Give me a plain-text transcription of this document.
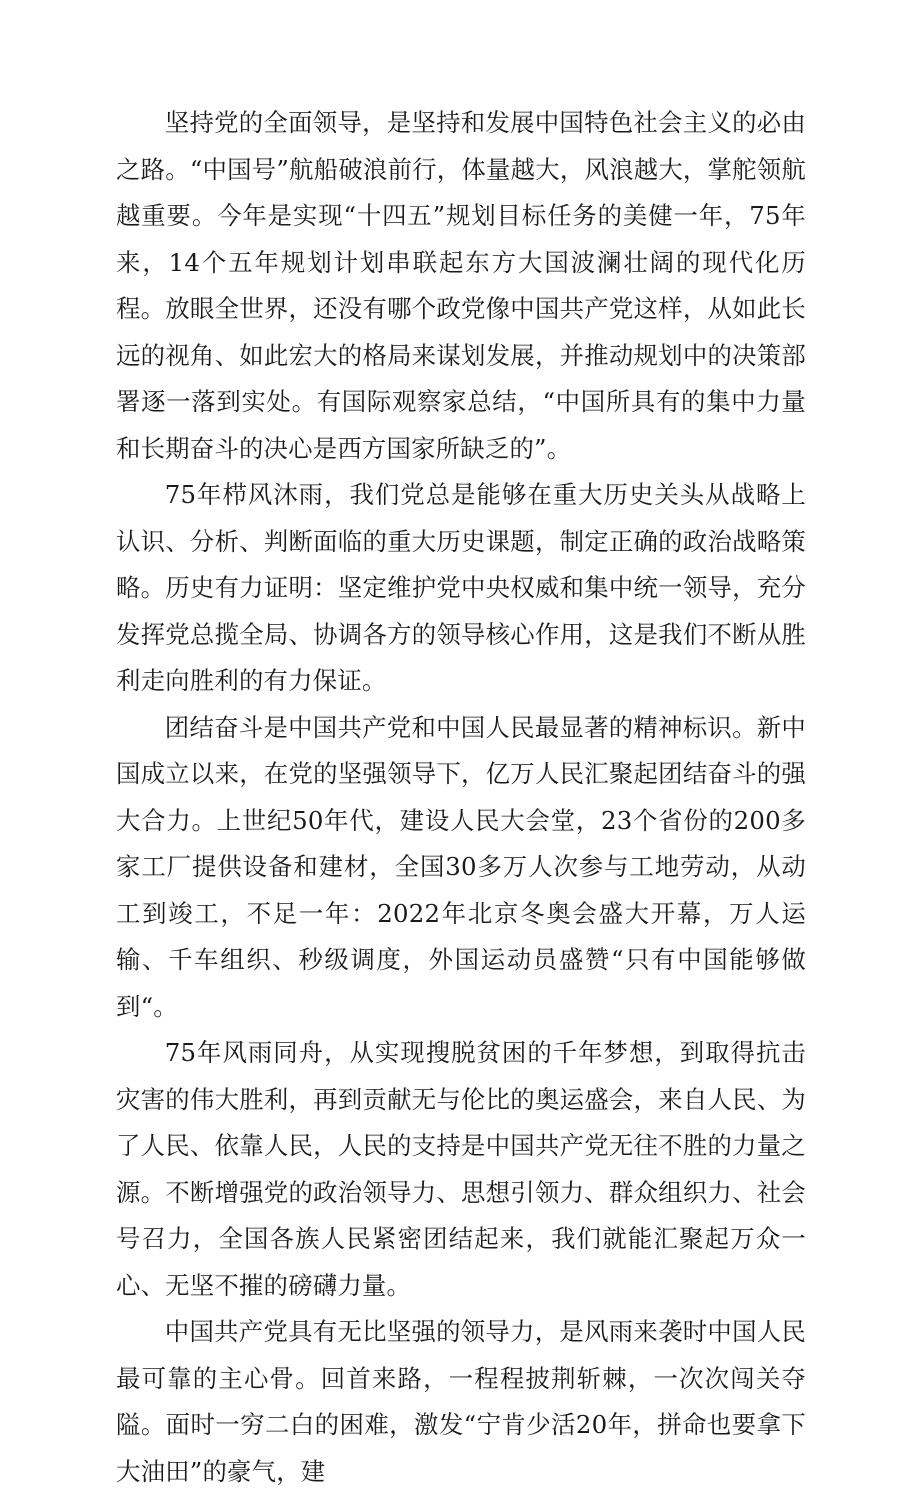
坚持党的全面领导，是坚持和发展中国特色社会主义的必由之路。“中国号”航船破浪前行，体量越大，风浪越大，掌舵领航越重要。今年是实现“十四五”规划目标任务的美健一年，75年来，14个五年规划计划串联起东方大国波澜壮阔的现代化历程。放眼全世界，还没有哪个政党像中国共产党这样，从如此长远的视角、如此宏大的格局来谋划发展，并推动规划中的决策部署逐一落到实处。有国际观察家总结，“中国所具有的集中力量和长期奋斗的决心是西方国家所缺乏的”。

75年栉风沐雨，我们党总是能够在重大历史关头从战略上认识、分析、判断面临的重大历史课题，制定正确的政治战略策略。历史有力证明：坚定维护党中央权威和集中统一领导，充分发挥党总揽全局、协调各方的领导核心作用，这是我们不断从胜利走向胜利的有力保证。

团结奋斗是中国共产党和中国人民最显著的精神标识。新中国成立以来，在党的坚强领导下，亿万人民汇聚起团结奋斗的强大合力。上世纪50年代，建设人民大会堂，23个省份的200多家工厂提供设备和建材，全国30多万人次参与工地劳动，从动工到竣工，不足一年：2022年北京冬奥会盛大开幕，万人运输、千车组织、秒级调度，外国运动员盛赞“只有中国能够做到“。

75年风雨同舟，从实现搜脱贫困的千年梦想，到取得抗击灾害的伟大胜利，再到贡献无与伦比的奥运盛会，来自人民、为了人民、依靠人民，人民的支持是中国共产党无往不胜的力量之源。不断增强党的政治领导力、思想引领力、群众组织力、社会号召力，全国各族人民紧密团结起来，我们就能汇聚起万众一心、无坚不摧的磅礴力量。

中国共产党具有无比坚强的领导力，是风雨来袭时中国人民最可靠的主心骨。回首来路，一程程披荆斩棘，一次次闯关夺隘。面时一穷二白的困难，激发“宁肯少活20年，拼命也要拿下大油田”的豪气，建
